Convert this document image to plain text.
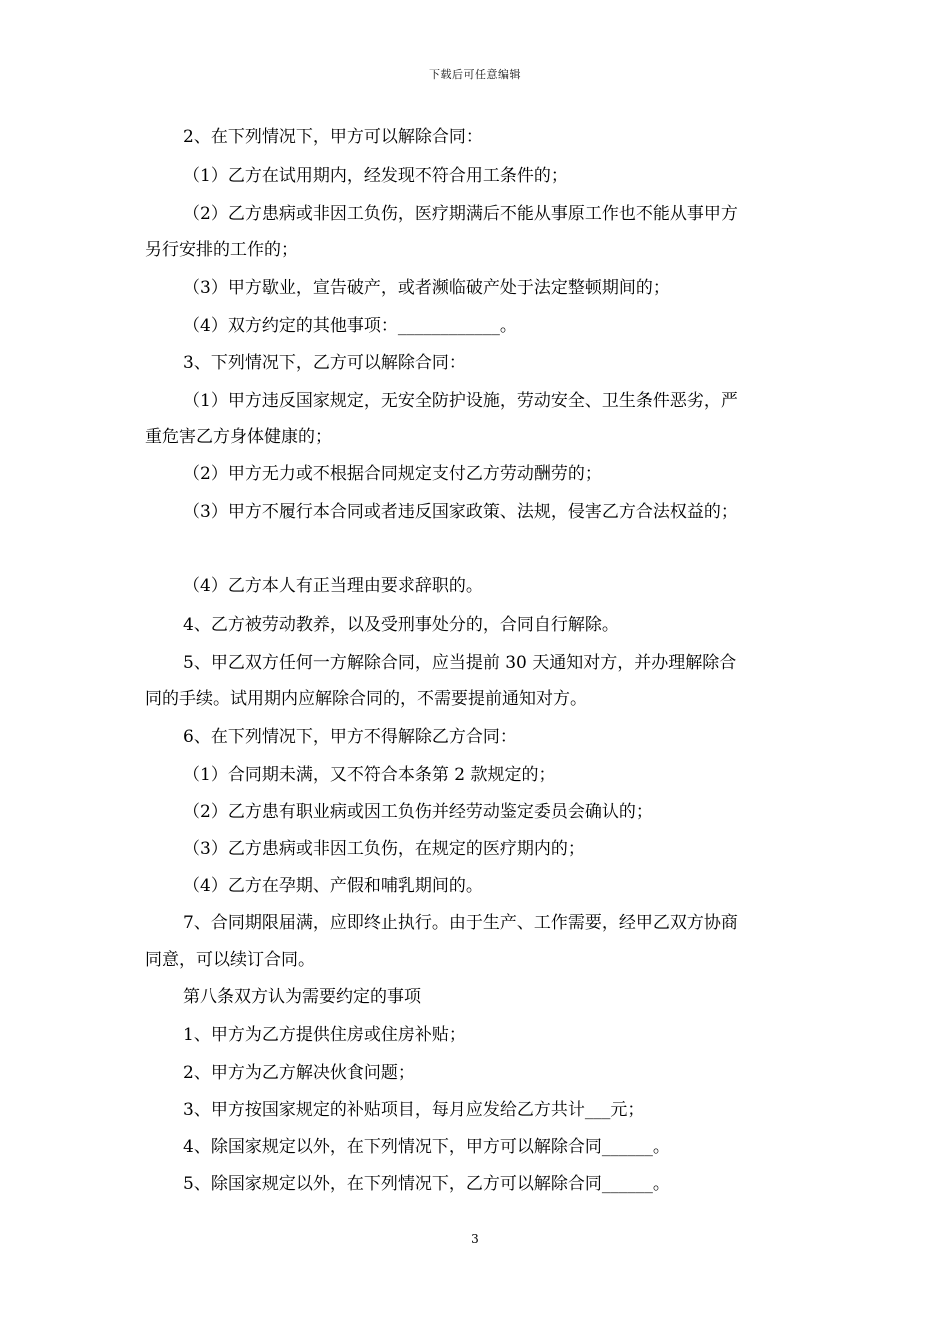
下载后可任意编辑
2、在下列情况下，甲方可以解除合同：
（1）乙方在试用期内，经发现不符合用工条件的；
（2）乙方患病或非因工负伤，医疗期满后不能从事原工作也不能从事甲方
另行安排的工作的；
（3）甲方歇业，宣告破产，或者濒临破产处于法定整顿期间的；
（4）双方约定的其他事项：____________。
3、下列情况下，乙方可以解除合同：
（1）甲方违反国家规定，无安全防护设施，劳动安全、卫生条件恶劣，严
重危害乙方身体健康的；
（2）甲方无力或不根据合同规定支付乙方劳动酬劳的；
（3）甲方不履行本合同或者违反国家政策、法规，侵害乙方合法权益的；
（4）乙方本人有正当理由要求辞职的。
4、乙方被劳动教养，以及受刑事处分的，合同自行解除。
5、甲乙双方任何一方解除合同，应当提前 30 天通知对方，并办理解除合
同的手续。试用期内应解除合同的，不需要提前通知对方。
6、在下列情况下，甲方不得解除乙方合同：
（1）合同期未满，又不符合本条第 2 款规定的；
（2）乙方患有职业病或因工负伤并经劳动鉴定委员会确认的；
（3）乙方患病或非因工负伤，在规定的医疗期内的；
（4）乙方在孕期、产假和哺乳期间的。
7、合同期限届满，应即终止执行。由于生产、工作需要，经甲乙双方协商
同意，可以续订合同。
第八条双方认为需要约定的事项
1、甲方为乙方提供住房或住房补贴；
2、甲方为乙方解决伙食问题；
3、甲方按国家规定的补贴项目，每月应发给乙方共计___元；
4、除国家规定以外，在下列情况下，甲方可以解除合同______。
5、除国家规定以外，在下列情况下，乙方可以解除合同______。
3
